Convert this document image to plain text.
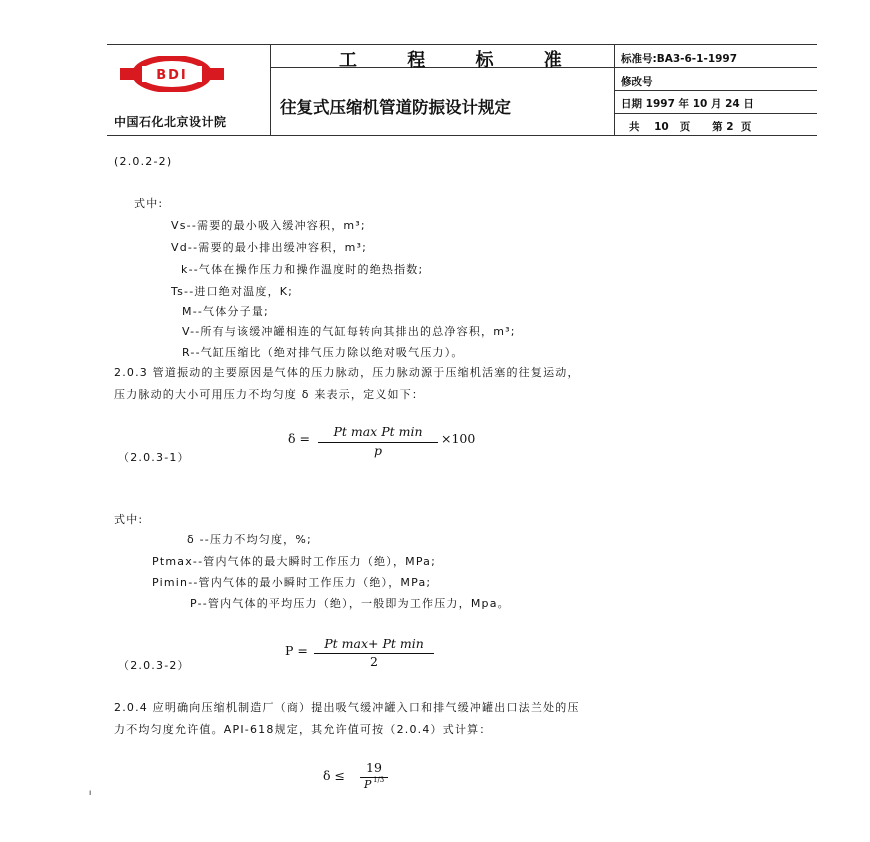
BDI
中国石化北京设计院
工 程 标 准
往复式压缩机管道防振设计规定
标准号:BA3-6-1-1997
修改号
日期 1997 年 10 月 24 日
共    10   页      第 2  页
(2.0.2-2)
式中:
Vs--需要的最小吸入缓冲容积，m³;
Vd--需要的最小排出缓冲容积，m³;
k--气体在操作压力和操作温度时的绝热指数;
Ts--进口绝对温度，K;
M--气体分子量;
V--所有与该缓冲罐相连的气缸每转向其排出的总净容积，m³;
R--气缸压缩比（绝对排气压力除以绝对吸气压力）。
2.0.3 管道振动的主要原因是气体的压力脉动，压力脉动源于压缩机活塞的往复运动，
压力脉动的大小可用压力不均匀度 δ 来表示，定义如下：
（2.0.3-1）
δ =	Pt max Pt min
p
×100
式中:
δ --压力不均匀度，%;
Ptmax--管内气体的最大瞬时工作压力（绝），MPa;
Pimin--管内气体的最小瞬时工作压力（绝），MPa;
P--管内气体的平均压力（绝），一般即为工作压力，Mpa。
（2.0.3-2）
P =	Pt max+ Pt min
2
2.0.4 应明确向压缩机制造厂（商）提出吸气缓冲罐入口和排气缓冲罐出口法兰处的压
力不均匀度允许值。API-618规定，其允许值可按（2.0.4）式计算：
δ ≤
19
P 1/3
ı
